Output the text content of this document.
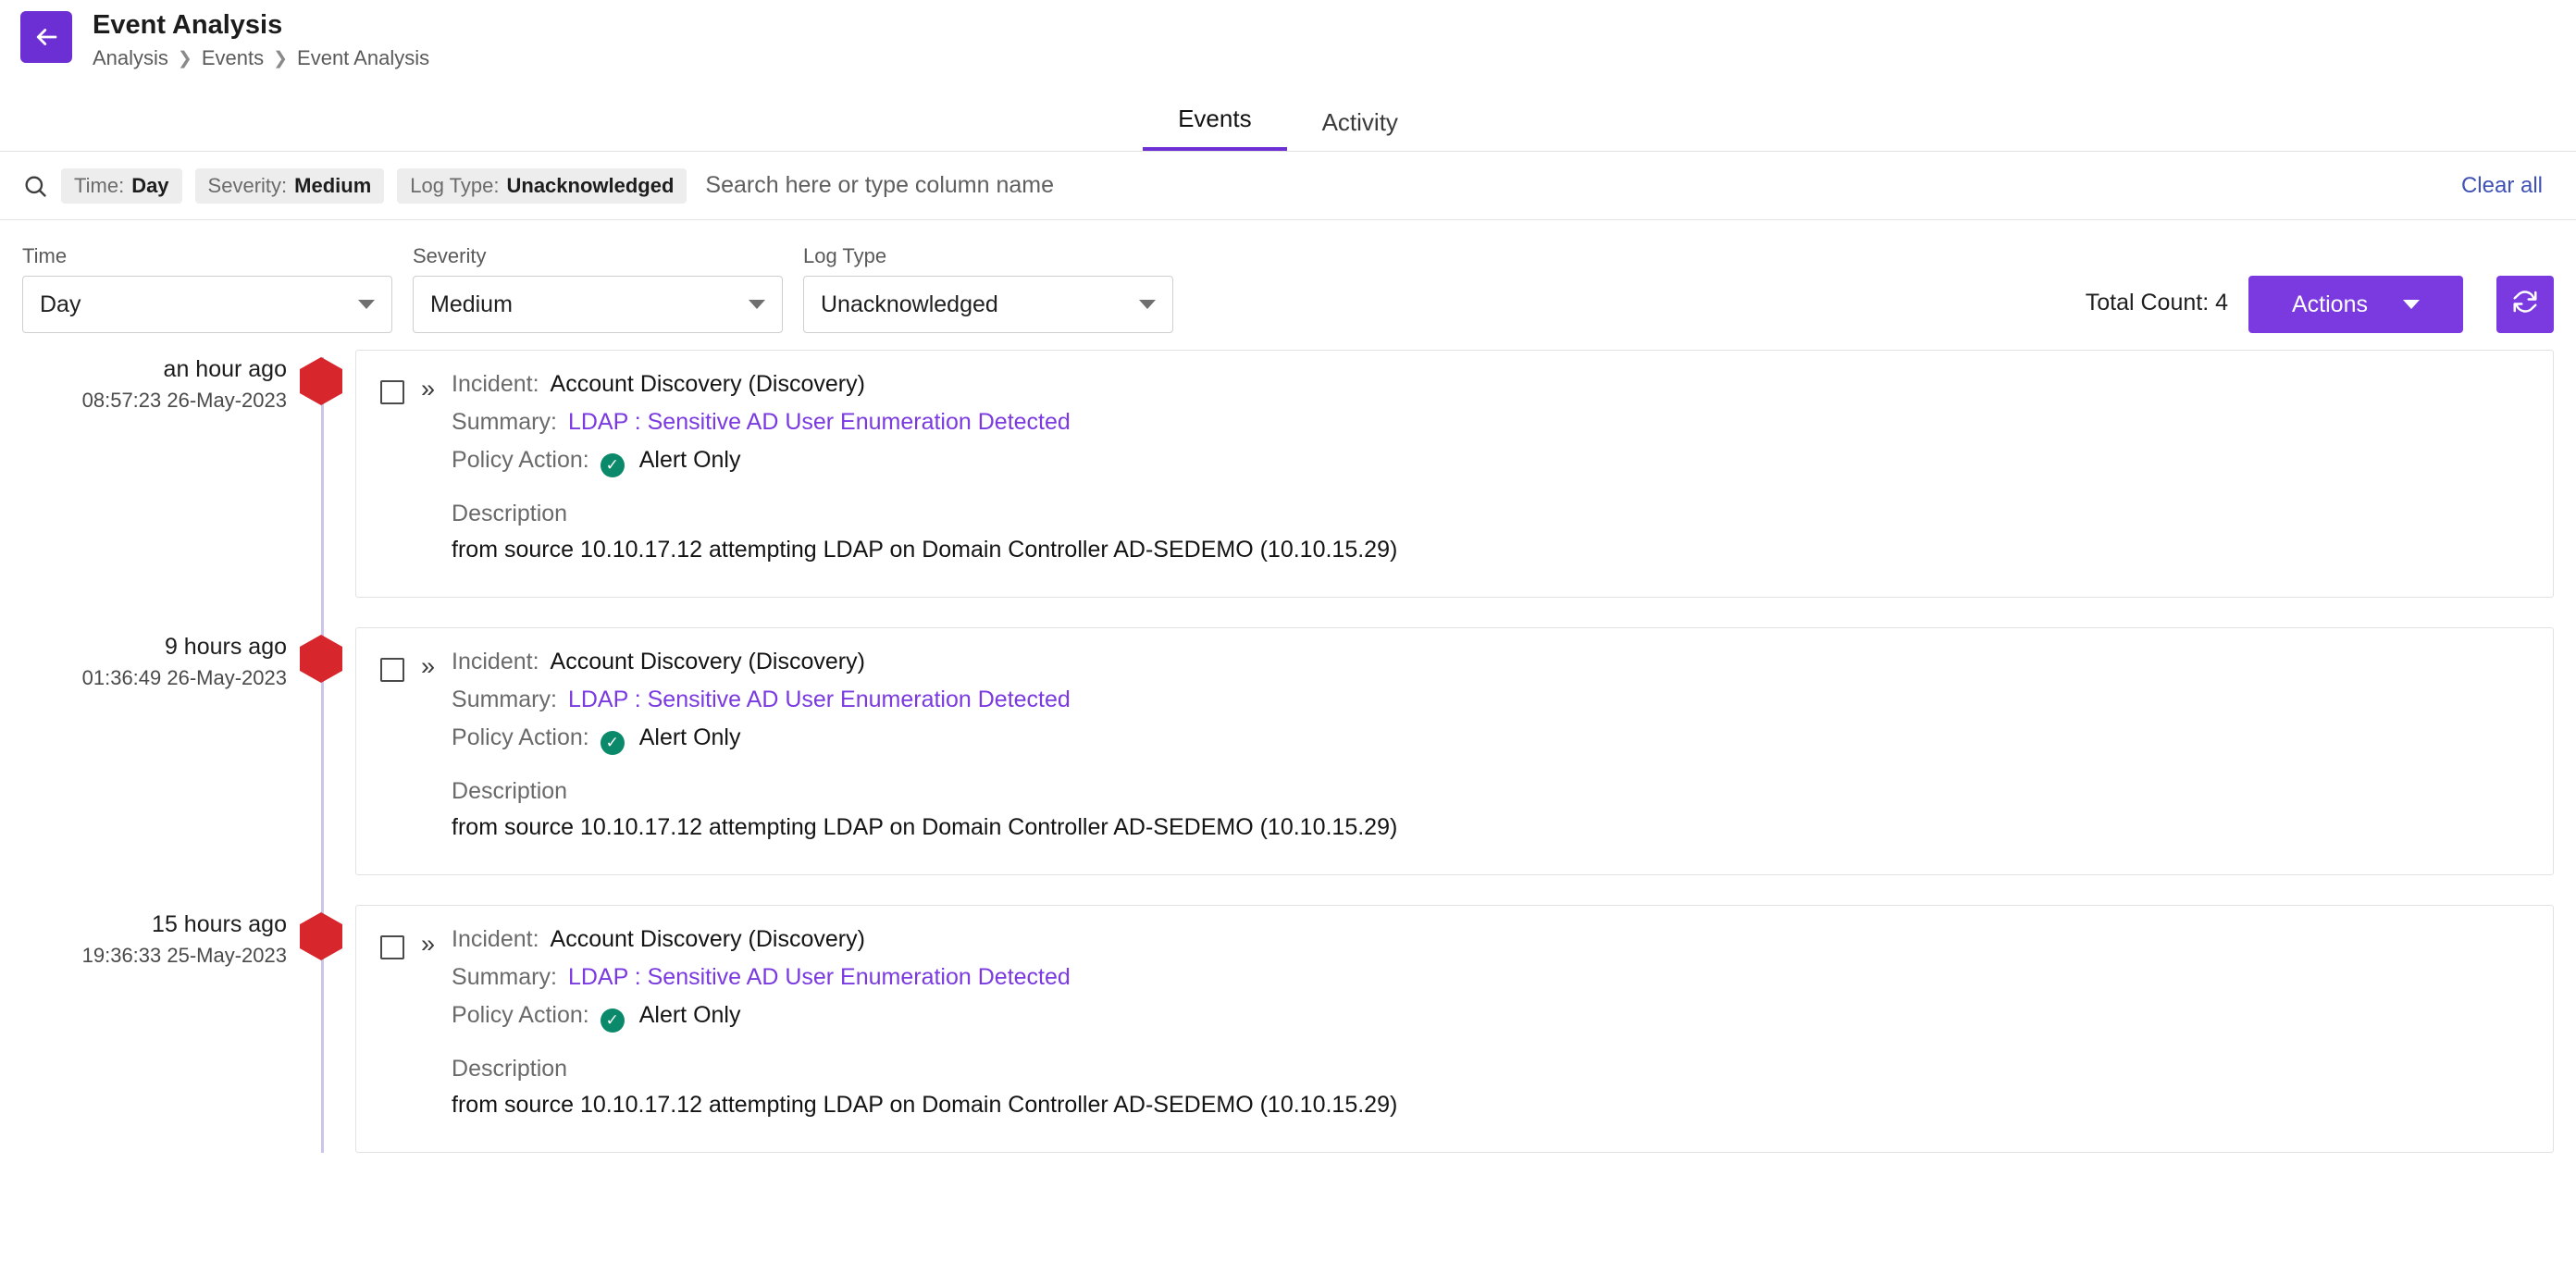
Event Analysis
Analysis ❯ Events ❯ Event Analysis
Events	Activity
Time: Day	Severity: Medium	Log Type: Unacknowledged
Search here or type column name	Clear all
Time
Day
Severity
Medium
Log Type
Unacknowledged	Total Count: 4	Actions
an hour ago
08:57:23 26-May-2023	» Incident: Account Discovery (Discovery)
Summary: LDAP : Sensitive AD User Enumeration Detected
Policy Action:	✓ Alert Only
Description
from source 10.10.17.12 attempting LDAP on Domain Controller AD-SEDEMO (10.10.15.29)
9 hours ago
01:36:49 26-May-2023	» Incident: Account Discovery (Discovery)
Summary: LDAP : Sensitive AD User Enumeration Detected
Policy Action:	✓ Alert Only
Description
from source 10.10.17.12 attempting LDAP on Domain Controller AD-SEDEMO (10.10.15.29)
15 hours ago
19:36:33 25-May-2023	» Incident: Account Discovery (Discovery)
Summary: LDAP : Sensitive AD User Enumeration Detected
Policy Action:	✓ Alert Only
Description
from source 10.10.17.12 attempting LDAP on Domain Controller AD-SEDEMO (10.10.15.29)
